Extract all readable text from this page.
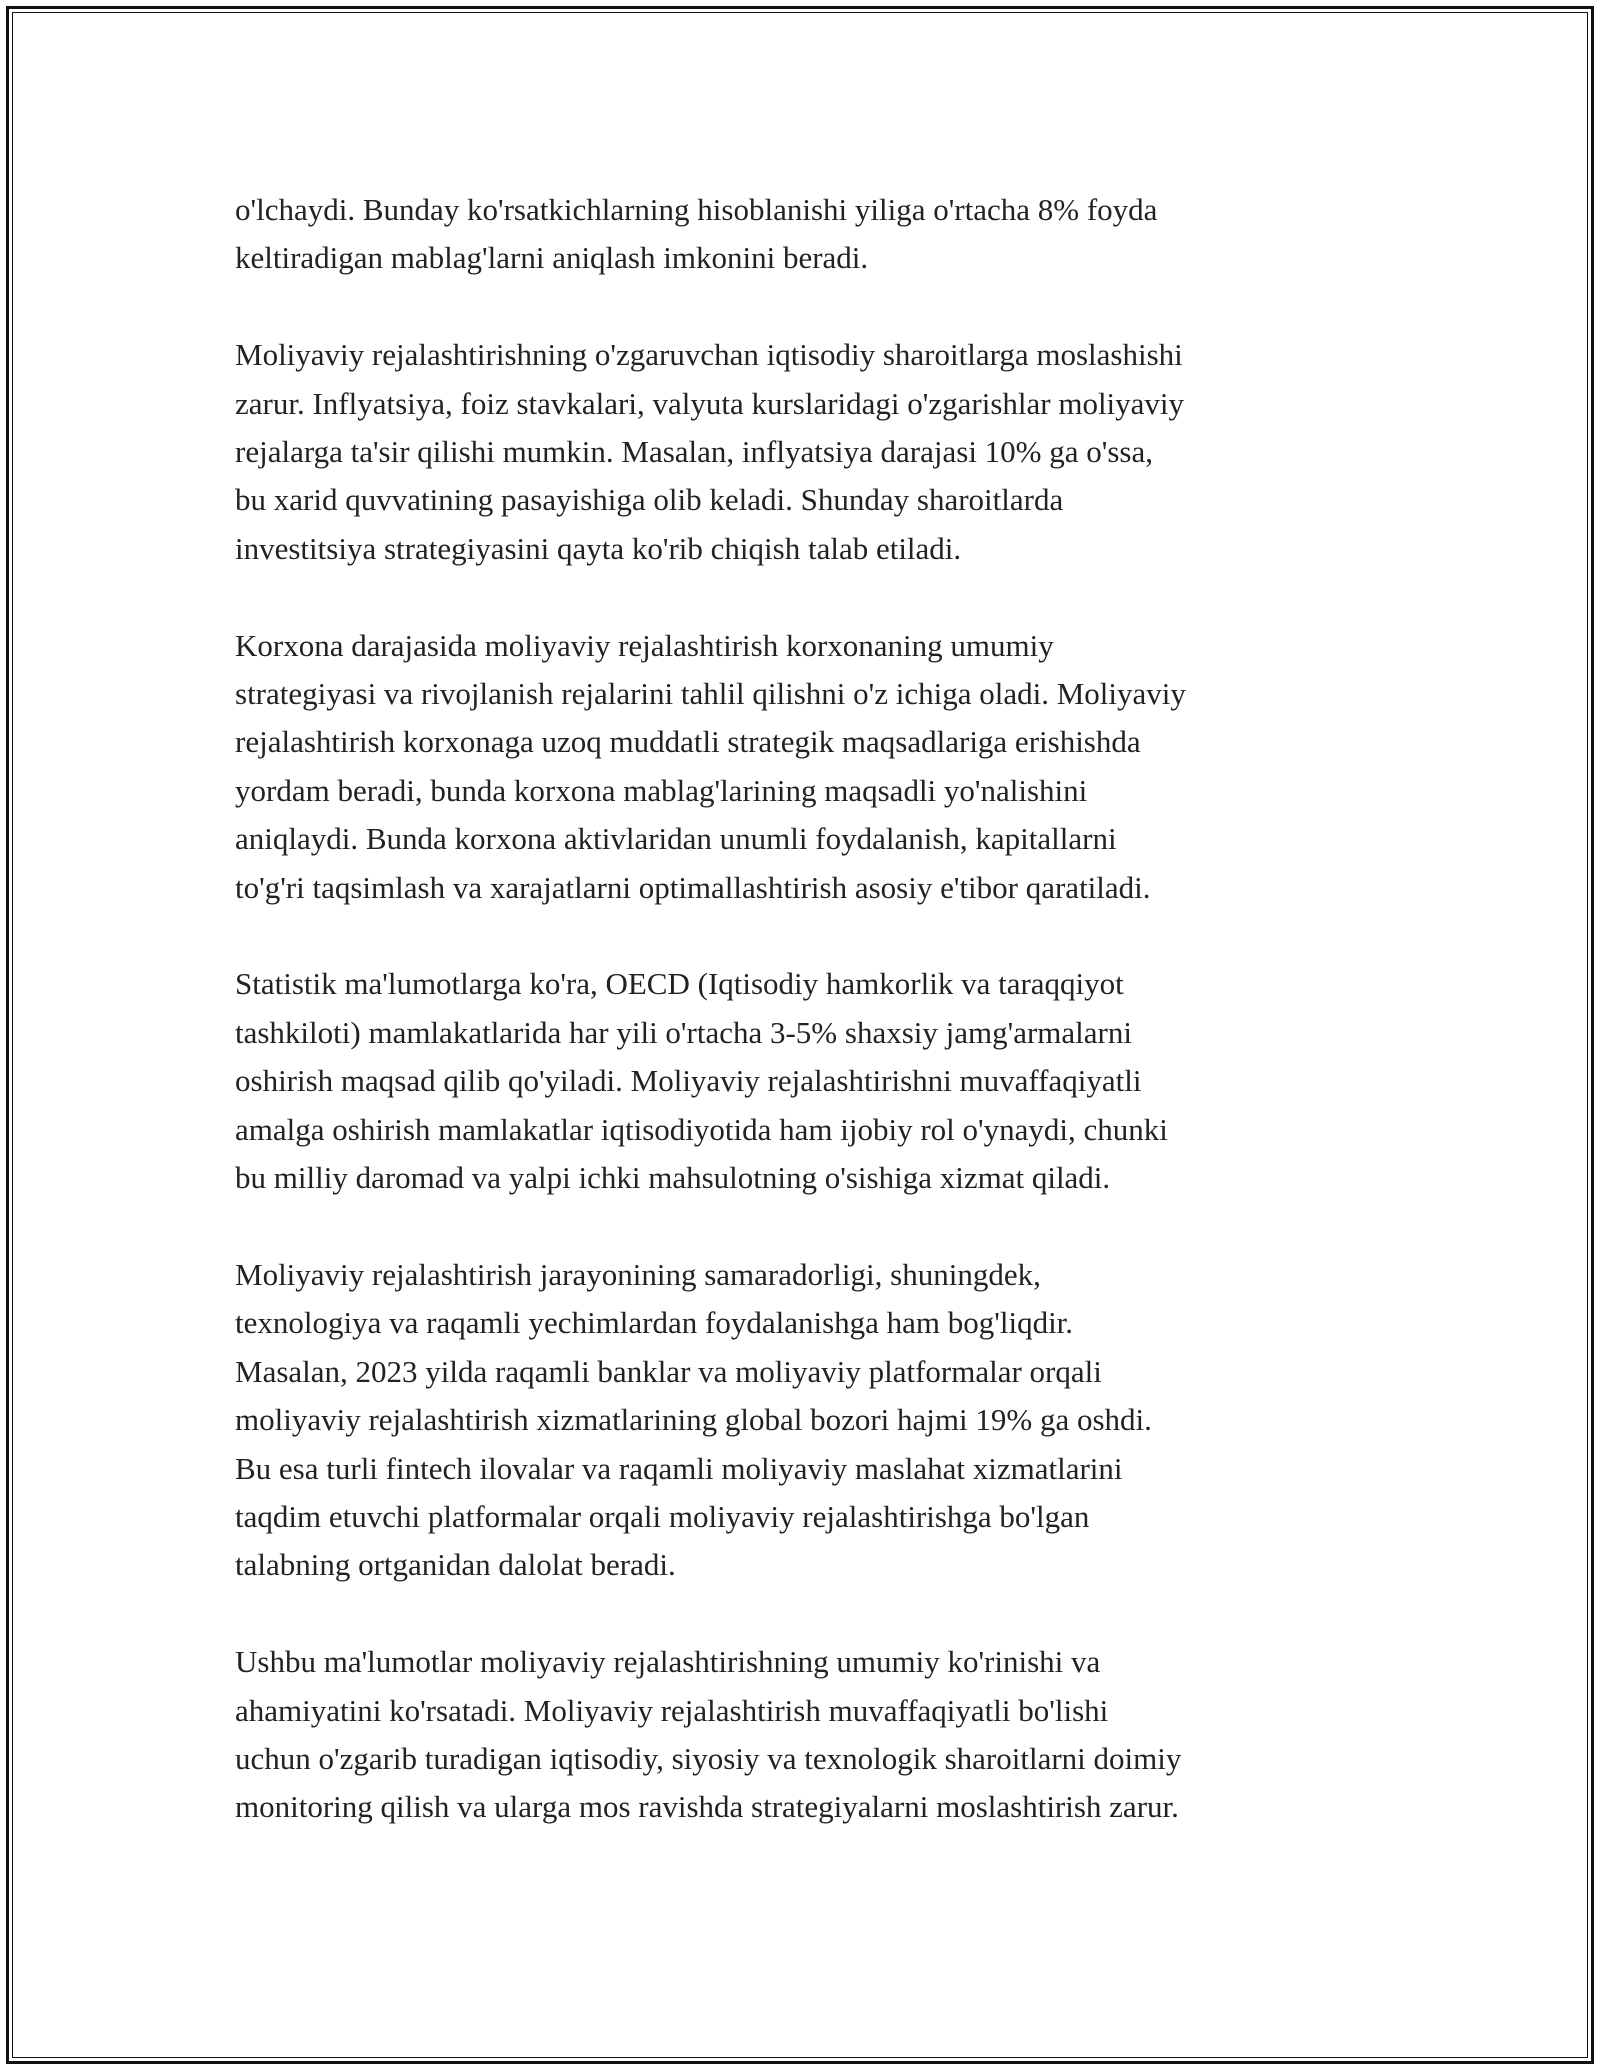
o'lchaydi. Bunday ko'rsatkichlarning hisoblanishi yiliga o'rtacha 8% foyda
keltiradigan mablag'larni aniqlash imkonini beradi.

Moliyaviy rejalashtirishning o'zgaruvchan iqtisodiy sharoitlarga moslashishi
zarur. Inflyatsiya, foiz stavkalari, valyuta kurslaridagi o'zgarishlar moliyaviy
rejalarga ta'sir qilishi mumkin. Masalan, inflyatsiya darajasi 10% ga o'ssa,
bu xarid quvvatining pasayishiga olib keladi. Shunday sharoitlarda
investitsiya strategiyasini qayta ko'rib chiqish talab etiladi.

Korxona darajasida moliyaviy rejalashtirish korxonaning umumiy
strategiyasi va rivojlanish rejalarini tahlil qilishni o'z ichiga oladi. Moliyaviy
rejalashtirish korxonaga uzoq muddatli strategik maqsadlariga erishishda
yordam beradi, bunda korxona mablag'larining maqsadli yo'nalishini
aniqlaydi. Bunda korxona aktivlaridan unumli foydalanish, kapitallarni
to'g'ri taqsimlash va xarajatlarni optimallashtirish asosiy e'tibor qaratiladi.

Statistik ma'lumotlarga ko'ra, OECD (Iqtisodiy hamkorlik va taraqqiyot
tashkiloti) mamlakatlarida har yili o'rtacha 3-5% shaxsiy jamg'armalarni
oshirish maqsad qilib qo'yiladi. Moliyaviy rejalashtirishni muvaffaqiyatli
amalga oshirish mamlakatlar iqtisodiyotida ham ijobiy rol o'ynaydi, chunki
bu milliy daromad va yalpi ichki mahsulotning o'sishiga xizmat qiladi.

Moliyaviy rejalashtirish jarayonining samaradorligi, shuningdek,
texnologiya va raqamli yechimlardan foydalanishga ham bog'liqdir.
Masalan, 2023 yilda raqamli banklar va moliyaviy platformalar orqali
moliyaviy rejalashtirish xizmatlarining global bozori hajmi 19% ga oshdi.
Bu esa turli fintech ilovalar va raqamli moliyaviy maslahat xizmatlarini
taqdim etuvchi platformalar orqali moliyaviy rejalashtirishga bo'lgan
talabning ortganidan dalolat beradi.

Ushbu ma'lumotlar moliyaviy rejalashtirishning umumiy ko'rinishi va
ahamiyatini ko'rsatadi. Moliyaviy rejalashtirish muvaffaqiyatli bo'lishi
uchun o'zgarib turadigan iqtisodiy, siyosiy va texnologik sharoitlarni doimiy
monitoring qilish va ularga mos ravishda strategiyalarni moslashtirish zarur.
